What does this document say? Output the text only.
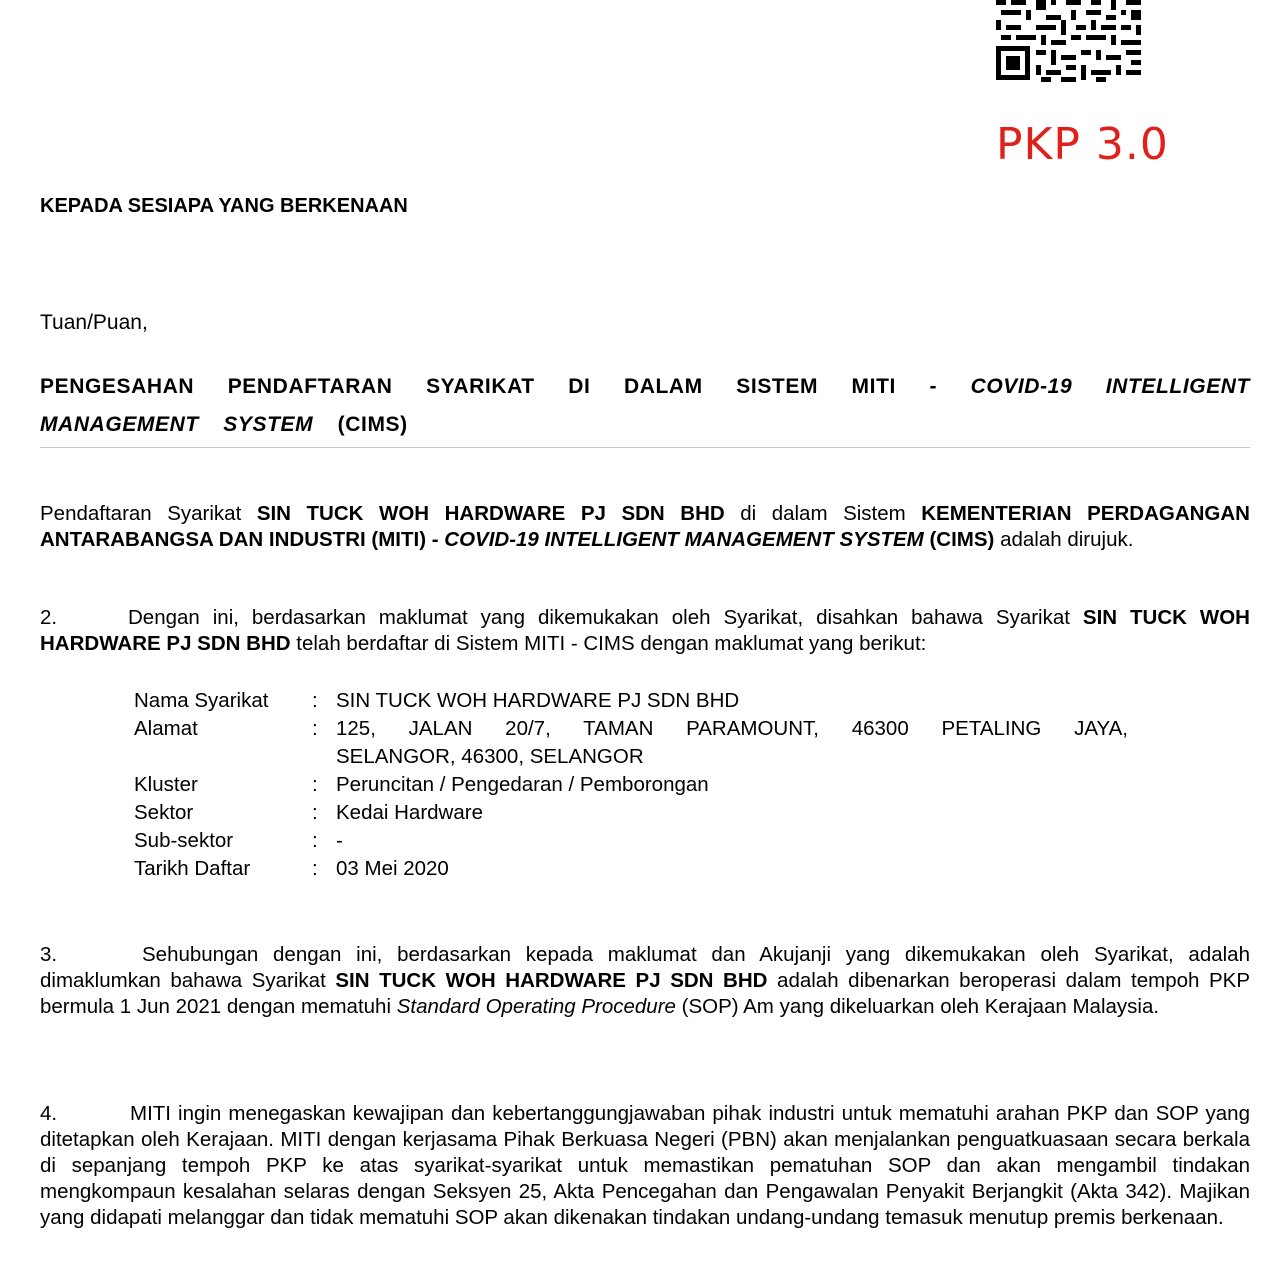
PKP 3.0
KEPADA SESIAPA YANG BERKENAAN
Tuan/Puan,
PENGESAHAN PENDAFTARAN SYARIKAT DI DALAM SISTEM MITI - COVID-19 INTELLIGENT MANAGEMENT SYSTEM (CIMS)
Pendaftaran Syarikat SIN TUCK WOH HARDWARE PJ SDN BHD di dalam Sistem KEMENTERIAN PERDAGANGAN ANTARABANGSA DAN INDUSTRI (MITI) - COVID-19 INTELLIGENT MANAGEMENT SYSTEM (CIMS) adalah dirujuk.
2.	Dengan ini, berdasarkan maklumat yang dikemukakan oleh Syarikat, disahkan bahawa Syarikat SIN TUCK WOH HARDWARE PJ SDN BHD telah berdaftar di Sistem MITI - CIMS dengan maklumat yang berikut:
Nama Syarikat : SIN TUCK WOH HARDWARE PJ SDN BHD
Alamat	: 125, JALAN 20/7, TAMAN PARAMOUNT, 46300 PETALING JAYA,
SELANGOR, 46300, SELANGOR
Kluster	: Peruncitan / Pengedaran / Pemborongan
Sektor	: Kedai Hardware
Sub-sektor	: -
Tarikh Daftar	: 03 Mei 2020
3.	Sehubungan dengan ini, berdasarkan kepada maklumat dan Akujanji yang dikemukakan oleh Syarikat, adalah dimaklumkan bahawa Syarikat SIN TUCK WOH HARDWARE PJ SDN BHD adalah dibenarkan beroperasi dalam tempoh PKP bermula 1 Jun 2021 dengan mematuhi Standard Operating Procedure (SOP) Am yang dikeluarkan oleh Kerajaan Malaysia.
4.	MITI ingin menegaskan kewajipan dan kebertanggungjawaban pihak industri untuk mematuhi arahan PKP dan SOP yang ditetapkan oleh Kerajaan. MITI dengan kerjasama Pihak Berkuasa Negeri (PBN) akan menjalankan penguatkuasaan secara berkala di sepanjang tempoh PKP ke atas syarikat-syarikat untuk memastikan pematuhan SOP dan akan mengambil tindakan mengkompaun kesalahan selaras dengan Seksyen 25, Akta Pencegahan dan Pengawalan Penyakit Berjangkit (Akta 342). Majikan yang didapati melanggar dan tidak mematuhi SOP akan dikenakan tindakan undang-undang temasuk menutup premis berkenaan.
